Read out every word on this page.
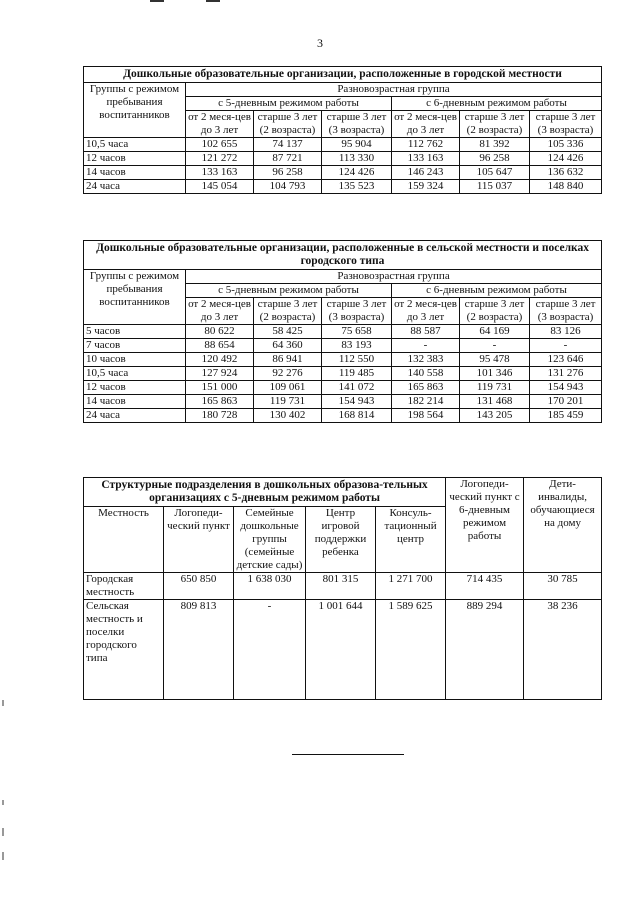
3
Дошкольные образовательные организации, расположенные в городской местности						
Группы с режимом пребывания воспитанников	Разновозрастная группа					
	с 5-дневным режимом работы			с 6-дневным режимом работы		
	от 2 меся-цев до 3 лет	старше 3 лет (2 возраста)	старше 3 лет (3 возраста)	от 2 меся-цев до 3 лет	старше 3 лет (2 возраста)	старше 3 лет (3 возраста)
10,5 часа	102 655	74 137	95 904	112 762	81 392	105 336
12 часов	121 272	87 721	113 330	133 163	96 258	124 426
14 часов	133 163	96 258	124 426	146 243	105 647	136 632
24 часа	145 054	104 793	135 523	159 324	115 037	148 840
Дошкольные образовательные организации, расположенные в сельской местности и поселках городского типа						
Группы с режимом пребывания воспитанников	Разновозрастная группа					
	с 5-дневным режимом работы			с 6-дневным режимом работы		
	от 2 меся-цев до 3 лет	старше 3 лет (2 возраста)	старше 3 лет (3 возраста)	от 2 меся-цев до 3 лет	старше 3 лет (2 возраста)	старше 3 лет (3 возраста)
5 часов	80 622	58 425	75 658	88 587	64 169	83 126
7 часов	88 654	64 360	83 193	-	-	-
10 часов	120 492	86 941	112 550	132 383	95 478	123 646
10,5 часа	127 924	92 276	119 485	140 558	101 346	131 276
12 часов	151 000	109 061	141 072	165 863	119 731	154 943
14 часов	165 863	119 731	154 943	182 214	131 468	170 201
24 часа	180 728	130 402	168 814	198 564	143 205	185 459
Структурные подразделения в дошкольных образова-тельных организациях с 5-дневным режимом работы					Логопеди-ческий пункт с 6-дневным режимом работы	Дети-инвалиды, обучающиеся на дому
Местность	Логопеди-ческий пункт	Семейные дошкольные группы (семейные детские сады)	Центр игровой поддержки ребенка	Консуль-тационный центр		
Городская местность	650 850	1 638 030	801 315	1 271 700	714 435	30 785
Сельская местность и поселки городского типа	809 813	-	1 001 644	1 589 625	889 294	38 236
